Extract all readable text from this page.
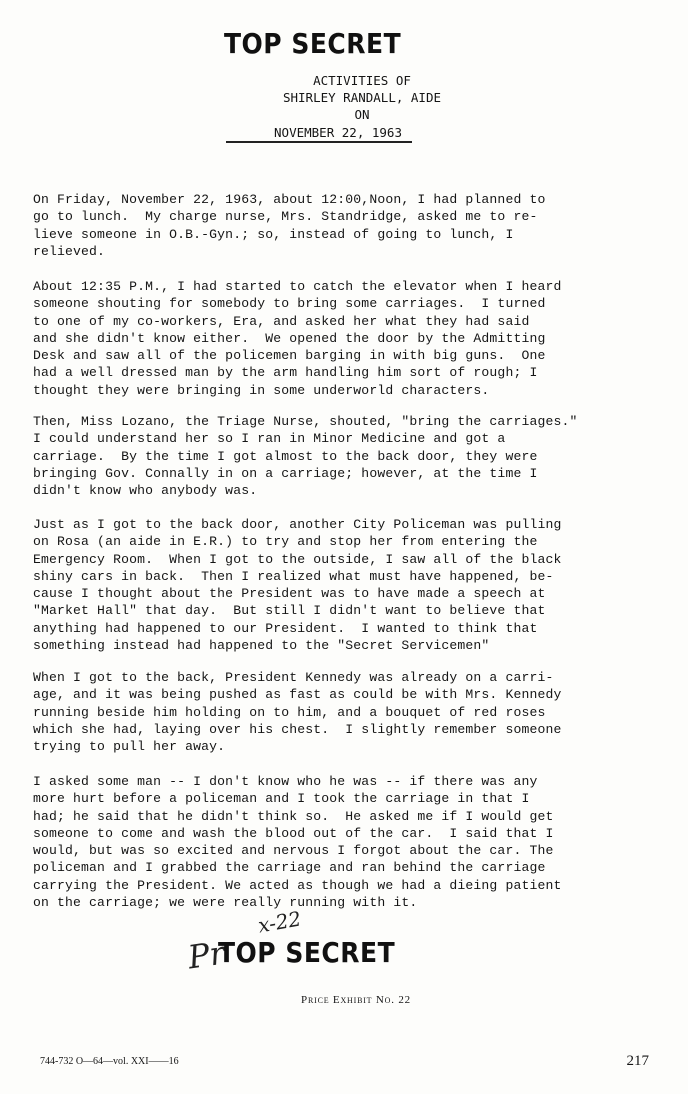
TOP SECRET
ACTIVITIES OF
SHIRLEY RANDALL, AIDE
ON
NOVEMBER 22, 1963
On Friday, November 22, 1963, about 12:00,Noon, I had planned to
go to lunch.  My charge nurse, Mrs. Standridge, asked me to re-
lieve someone in O.B.-Gyn.; so, instead of going to lunch, I
relieved.
About 12:35 P.M., I had started to catch the elevator when I heard
someone shouting for somebody to bring some carriages.  I turned
to one of my co-workers, Era, and asked her what they had said
and she didn't know either.  We opened the door by the Admitting
Desk and saw all of the policemen barging in with big guns.  One
had a well dressed man by the arm handling him sort of rough; I
thought they were bringing in some underworld characters.
Then, Miss Lozano, the Triage Nurse, shouted, "bring the carriages."
I could understand her so I ran in Minor Medicine and got a
carriage.  By the time I got almost to the back door, they were
bringing Gov. Connally in on a carriage; however, at the time I
didn't know who anybody was.
Just as I got to the back door, another City Policeman was pulling
on Rosa (an aide in E.R.) to try and stop her from entering the
Emergency Room.  When I got to the outside, I saw all of the black
shiny cars in back.  Then I realized what must have happened, be-
cause I thought about the President was to have made a speech at
"Market Hall" that day.  But still I didn't want to believe that
anything had happened to our President.  I wanted to think that
something instead had happened to the "Secret Servicemen"
When I got to the back, President Kennedy was already on a carri-
age, and it was being pushed as fast as could be with Mrs. Kennedy
running beside him holding on to him, and a bouquet of red roses
which she had, laying over his chest.  I slightly remember someone
trying to pull her away.
I asked some man -- I don't know who he was -- if there was any
more hurt before a policeman and I took the carriage in that I
had; he said that he didn't think so.  He asked me if I would get
someone to come and wash the blood out of the car.  I said that I
would, but was so excited and nervous I forgot about the car. The
policeman and I grabbed the carriage and ran behind the carriage
carrying the President. We acted as though we had a dieing patient
on the carriage; we were really running with it.
x-22
Pr
TOP SECRET
Price Exhibit No. 22
744-732 O—64—vol. XXI——16	217
